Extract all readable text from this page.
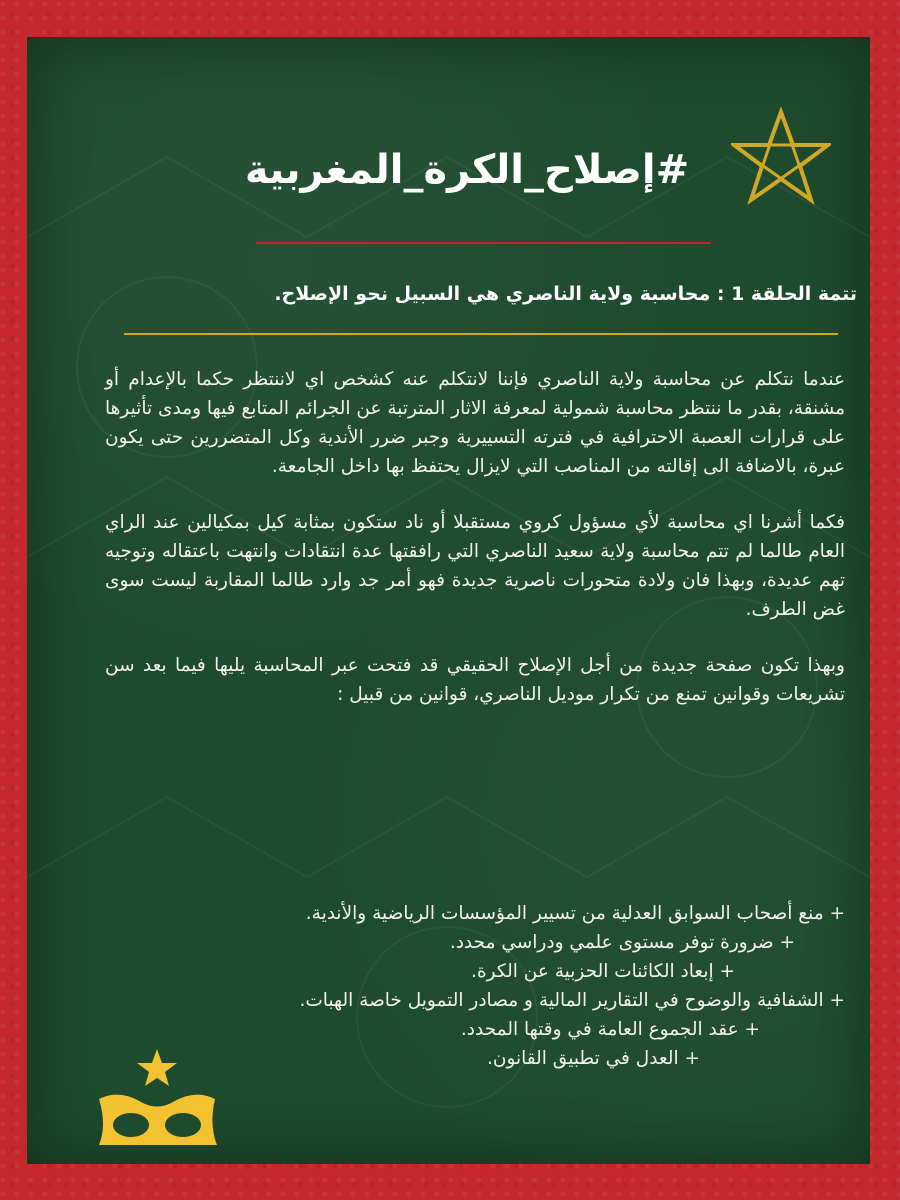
#إصلاح_الكرة_المغربية
تتمة الحلقة 1 : محاسبة ولاية الناصري هي السبيل نحو الإصلاح.

عندما نتكلم عن محاسبة ولاية الناصري فإننا لانتكلم عنه كشخص اي لاننتظر حكما بالإعدام أو مشنقة، بقدر ما ننتظر محاسبة شمولية لمعرفة الاثار المترتبة عن الجرائم المتابع فيها ومدى تأثيرها على قرارات العصبة الاحترافية في فترته التسييرية وجبر ضرر الأندية وكل المتضررين حتى يكون عبرة، بالاضافة الى إقالته من المناصب التي لايزال يحتفظ بها داخل الجامعة.

فكما أشرنا اي محاسبة لأي مسؤول كروي مستقبلا أو ناد ستكون بمثابة كيل بمكيالين عند الراي العام طالما لم تتم محاسبة ولاية سعيد الناصري التي رافقتها عدة انتقادات وانتهت باعتقاله وتوجيه تهم عديدة، وبهذا فان ولادة متحورات ناصرية جديدة فهو أمر جد وارد طالما المقاربة ليست سوى غض الطرف.

وبهذا تكون صفحة جديدة من أجل الإصلاح الحقيقي قد فتحت عبر المحاسبة يليها فيما بعد سن تشريعات وقوانين تمنع من تكرار موديل الناصري، قوانين من قبيل :

+ منع أصحاب السوابق العدلية من تسيير المؤسسات الرياضية والأندية.
+ ضرورة توفر مستوى علمي ودراسي محدد.
+ إبعاد الكائنات الحزبية عن الكرة.
+ الشفافية والوضوح في التقارير المالية و مصادر التمويل خاصة الهبات.
+ عقد الجموع العامة في وقتها المحدد.
+ العدل في تطبيق القانون.
